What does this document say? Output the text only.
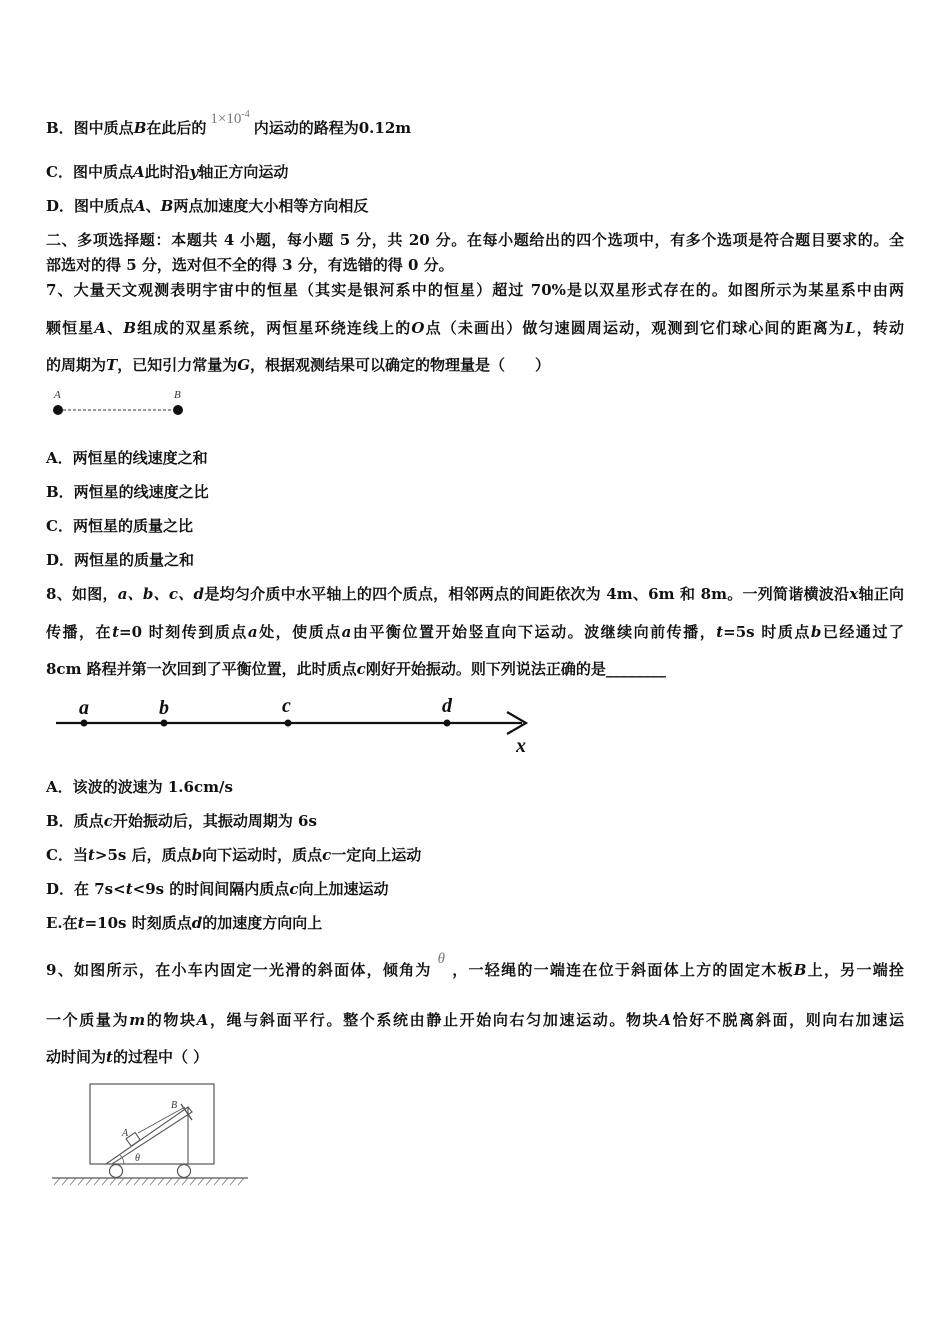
B．图中质点B在此后的 $1\times 10^{-4}$内运动的路程为0.12m
C．图中质点A此时沿y轴正方向运动
D．图中质点A、B两点加速度大小相等方向相反
二、多项选择题：本题共 4 小题，每小题 5 分，共 20 分。在每小题给出的四个选项中，有多个选项是符合题目要求的。全
部选对的得 5 分，选对但不全的得 3 分，有选错的得 0 分。
7、大量天文观测表明宇宙中的恒星（其实是银河系中的恒星）超过 70%是以双星形式存在的。如图所示为某星系中由两
颗恒星A、B组成的双星系统，两恒星环绕连线上的O点（未画出）做匀速圆周运动，观测到它们球心间的距离为L，转动
的周期为T，已知引力常量为G，根据观测结果可以确定的物理量是（　　）
A	B
A．两恒星的线速度之和
B．两恒星的线速度之比
C．两恒星的质量之比
D．两恒星的质量之和
8、如图，a、b、c、d是均匀介质中水平轴上的四个质点，相邻两点的间距依次为 4m、6m 和 8m。一列简谐横波沿x轴正向
传播，在t=0 时刻传到质点a处，使质点a由平衡位置开始竖直向下运动。波继续向前传播，t=5s 时质点b已经通过了
8cm 路程并第一次回到了平衡位置，此时质点c刚好开始振动。则下列说法正确的是________
a	b	c	d
x
A．该波的波速为 1.6cm/s
B．质点c开始振动后，其振动周期为 6s
C．当t>5s 后，质点b向下运动时，质点c一定向上运动
D．在 7s<t<9s 的时间间隔内质点c向上加速运动
E.在t=10s 时刻质点d的加速度方向向上
9、如图所示，在小车内固定一光滑的斜面体，倾角为θ，一轻绳的一端连在位于斜面体上方的固定木板B上，另一端拴
一个质量为m的物块A，绳与斜面平行。整个系统由静止开始向右匀加速运动。物块A恰好不脱离斜面，则向右加速运
动时间为t的过程中（ ）
θ
A
B
